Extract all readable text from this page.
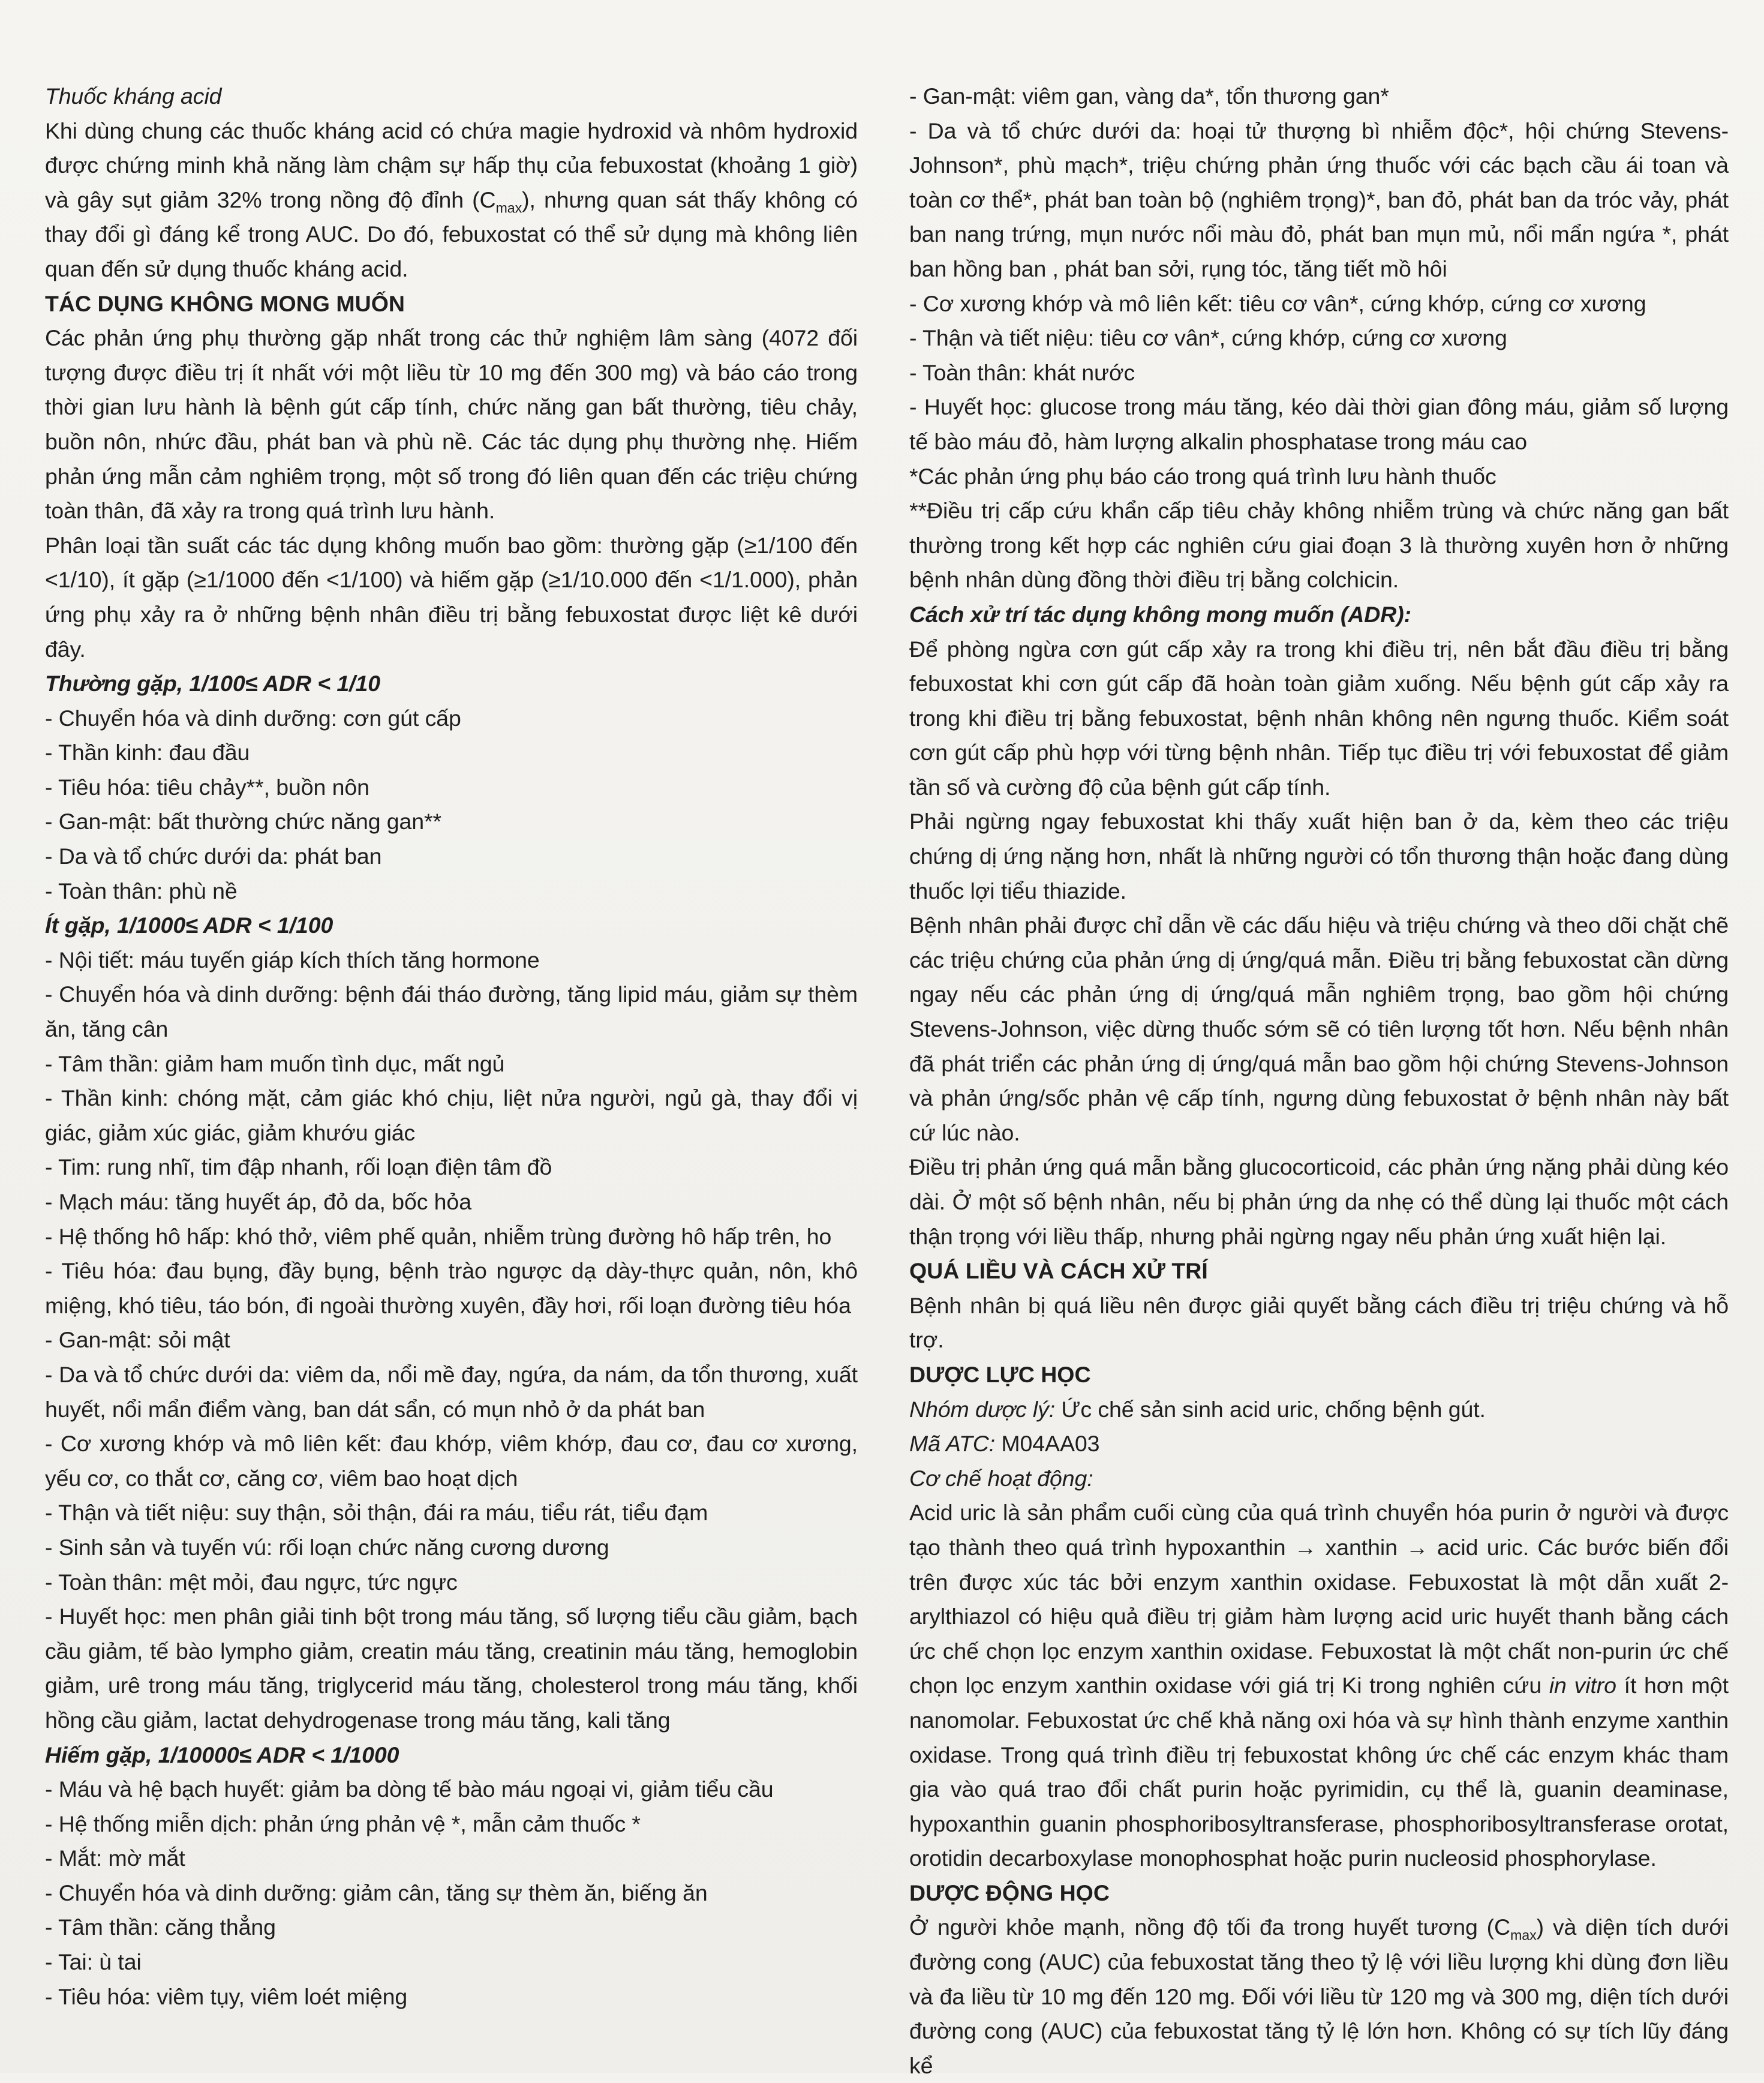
Thuốc kháng acid

Khi dùng chung các thuốc kháng acid có chứa magie hydroxid và nhôm hydroxid được chứng minh khả năng làm chậm sự hấp thụ của febuxostat (khoảng 1 giờ) và gây sụt giảm 32% trong nồng độ đỉnh $(C_{max})$, nhưng quan sát thấy không có thay đổi gì đáng kể trong AUC. Do đó, febuxostat có thể sử dụng mà không liên quan đến sử dụng thuốc kháng acid.

TÁC DỤNG KHÔNG MONG MUỐN

Các phản ứng phụ thường gặp nhất trong các thử nghiệm lâm sàng (4072 đối tượng được điều trị ít nhất với một liều từ 10 mg đến 300 mg) và báo cáo trong thời gian lưu hành là bệnh gút cấp tính, chức năng gan bất thường, tiêu chảy, buồn nôn, nhức đầu, phát ban và phù nề. Các tác dụng phụ thường nhẹ. Hiếm phản ứng mẫn cảm nghiêm trọng, một số trong đó liên quan đến các triệu chứng toàn thân, đã xảy ra trong quá trình lưu hành.

Phân loại tần suất các tác dụng không muốn bao gồm: thường gặp (≥1/100 đến <1/10), ít gặp (≥1/1000 đến <1/100) và hiếm gặp (≥1/10.000 đến <1/1.000), phản ứng phụ xảy ra ở những bệnh nhân điều trị bằng febuxostat được liệt kê dưới đây.

Thường gặp, 1/100≤ ADR < 1/10

- Chuyển hóa và dinh dưỡng: cơn gút cấp

- Thần kinh: đau đầu

- Tiêu hóa: tiêu chảy**, buồn nôn

- Gan-mật: bất thường chức năng gan**

- Da và tổ chức dưới da: phát ban

- Toàn thân: phù nề

Ít gặp, 1/1000≤ ADR < 1/100

- Nội tiết: máu tuyến giáp kích thích tăng hormone

- Chuyển hóa và dinh dưỡng: bệnh đái tháo đường, tăng lipid máu, giảm sự thèm ăn, tăng cân

- Tâm thần: giảm ham muốn tình dục, mất ngủ

- Thần kinh: chóng mặt, cảm giác khó chịu, liệt nửa người, ngủ gà, thay đổi vị giác, giảm xúc giác, giảm khướu giác

- Tim: rung nhĩ, tim đập nhanh, rối loạn điện tâm đồ

- Mạch máu: tăng huyết áp, đỏ da, bốc hỏa

- Hệ thống hô hấp: khó thở, viêm phế quản, nhiễm trùng đường hô hấp trên, ho

- Tiêu hóa: đau bụng, đầy bụng, bệnh trào ngược dạ dày-thực quản, nôn, khô miệng, khó tiêu, táo bón, đi ngoài thường xuyên, đầy hơi, rối loạn đường tiêu hóa

- Gan-mật: sỏi mật

- Da và tổ chức dưới da: viêm da, nổi mề đay, ngứa, da nám, da tổn thương, xuất huyết, nổi mẩn điểm vàng, ban dát sẩn, có mụn nhỏ ở da phát ban

- Cơ xương khớp và mô liên kết: đau khớp, viêm khớp, đau cơ, đau cơ xương, yếu cơ, co thắt cơ, căng cơ, viêm bao hoạt dịch

- Thận và tiết niệu: suy thận, sỏi thận, đái ra máu, tiểu rát, tiểu đạm

- Sinh sản và tuyến vú: rối loạn chức năng cương dương

- Toàn thân: mệt mỏi, đau ngực, tức ngực

- Huyết học: men phân giải tinh bột trong máu tăng, số lượng tiểu cầu giảm, bạch cầu giảm, tế bào lympho giảm, creatin máu tăng, creatinin máu tăng, hemoglobin giảm, urê trong máu tăng, triglycerid máu tăng, cholesterol trong máu tăng, khối hồng cầu giảm, lactat dehydrogenase trong máu tăng, kali tăng

Hiếm gặp, 1/10000≤ ADR < 1/1000

- Máu và hệ bạch huyết: giảm ba dòng tế bào máu ngoại vi, giảm tiểu cầu

- Hệ thống miễn dịch: phản ứng phản vệ *, mẫn cảm thuốc *

- Mắt: mờ mắt

- Chuyển hóa và dinh dưỡng: giảm cân, tăng sự thèm ăn, biếng ăn

- Tâm thần: căng thẳng

- Tai: ù tai

- Tiêu hóa: viêm tụy, viêm loét miệng

- Gan-mật: viêm gan, vàng da*, tổn thương gan*

- Da và tổ chức dưới da: hoại tử thượng bì nhiễm độc*, hội chứng Stevens-Johnson*, phù mạch*, triệu chứng phản ứng thuốc với các bạch cầu ái toan và toàn cơ thể*, phát ban toàn bộ (nghiêm trọng)*, ban đỏ, phát ban da tróc vảy, phát ban nang trứng, mụn nước nổi màu đỏ, phát ban mụn mủ, nổi mẩn ngứa *, phát ban hồng ban , phát ban sởi, rụng tóc, tăng tiết mồ hôi

- Cơ xương khớp và mô liên kết: tiêu cơ vân*, cứng khớp, cứng cơ xương

- Thận và tiết niệu: tiêu cơ vân*, cứng khớp, cứng cơ xương

- Toàn thân: khát nước

- Huyết học: glucose trong máu tăng, kéo dài thời gian đông máu, giảm số lượng tế bào máu đỏ, hàm lượng alkalin phosphatase trong máu cao

*Các phản ứng phụ báo cáo trong quá trình lưu hành thuốc

**Điều trị cấp cứu khẩn cấp tiêu chảy không nhiễm trùng và chức năng gan bất thường trong kết hợp các nghiên cứu giai đoạn 3 là thường xuyên hơn ở những bệnh nhân dùng đồng thời điều trị bằng colchicin.

Cách xử trí tác dụng không mong muốn (ADR):

Để phòng ngừa cơn gút cấp xảy ra trong khi điều trị, nên bắt đầu điều trị bằng febuxostat khi cơn gút cấp đã hoàn toàn giảm xuống. Nếu bệnh gút cấp xảy ra trong khi điều trị bằng febuxostat, bệnh nhân không nên ngưng thuốc. Kiểm soát cơn gút cấp phù hợp với từng bệnh nhân. Tiếp tục điều trị với febuxostat để giảm tần số và cường độ của bệnh gút cấp tính.

Phải ngừng ngay febuxostat khi thấy xuất hiện ban ở da, kèm theo các triệu chứng dị ứng nặng hơn, nhất là những người có tổn thương thận hoặc đang dùng thuốc lợi tiểu thiazide.

Bệnh nhân phải được chỉ dẫn về các dấu hiệu và triệu chứng và theo dõi chặt chẽ các triệu chứng của phản ứng dị ứng/quá mẫn. Điều trị bằng febuxostat cần dừng ngay nếu các phản ứng dị ứng/quá mẫn nghiêm trọng, bao gồm hội chứng Stevens-Johnson, việc dừng thuốc sớm sẽ có tiên lượng tốt hơn. Nếu bệnh nhân đã phát triển các phản ứng dị ứng/quá mẫn bao gồm hội chứng Stevens-Johnson và phản ứng/sốc phản vệ cấp tính, ngưng dùng febuxostat ở bệnh nhân này bất cứ lúc nào.

Điều trị phản ứng quá mẫn bằng glucocorticoid, các phản ứng nặng phải dùng kéo dài. Ở một số bệnh nhân, nếu bị phản ứng da nhẹ có thể dùng lại thuốc một cách thận trọng với liều thấp, nhưng phải ngừng ngay nếu phản ứng xuất hiện lại.

QUÁ LIỀU VÀ CÁCH XỬ TRÍ

Bệnh nhân bị quá liều nên được giải quyết bằng cách điều trị triệu chứng và hỗ trợ.

DƯỢC LỰC HỌC

Nhóm dược lý: Ức chế sản sinh acid uric, chống bệnh gút.

Mã ATC: M04AA03

Cơ chế hoạt động:

Acid uric là sản phẩm cuối cùng của quá trình chuyển hóa purin ở người và được tạo thành theo quá trình hypoxanthin → xanthin → acid uric. Các bước biến đổi trên được xúc tác bởi enzym xanthin oxidase. Febuxostat là một dẫn xuất 2-arylthiazol có hiệu quả điều trị giảm hàm lượng acid uric huyết thanh bằng cách ức chế chọn lọc enzym xanthin oxidase. Febuxostat là một chất non-purin ức chế chọn lọc enzym xanthin oxidase với giá trị Ki trong nghiên cứu in vitro ít hơn một nanomolar. Febuxostat ức chế khả năng oxi hóa và sự hình thành enzyme xanthin oxidase. Trong quá trình điều trị febuxostat không ức chế các enzym khác tham gia vào quá trao đổi chất purin hoặc pyrimidin, cụ thể là, guanin deaminase, hypoxanthin guanin phosphoribosyltransferase, phosphoribosyltransferase orotat, orotidin decarboxylase monophosphat hoặc purin nucleosid phosphorylase.

DƯỢC ĐỘNG HỌC

Ở người khỏe mạnh, nồng độ tối đa trong huyết tương $(C_{max})$ và diện tích dưới đường cong (AUC) của febuxostat tăng theo tỷ lệ với liều lượng khi dùng đơn liều và đa liều từ 10 mg đến 120 mg. Đối với liều từ 120 mg và 300 mg, diện tích dưới đường cong (AUC) của febuxostat tăng tỷ lệ lớn hơn. Không có sự tích lũy đáng kể
